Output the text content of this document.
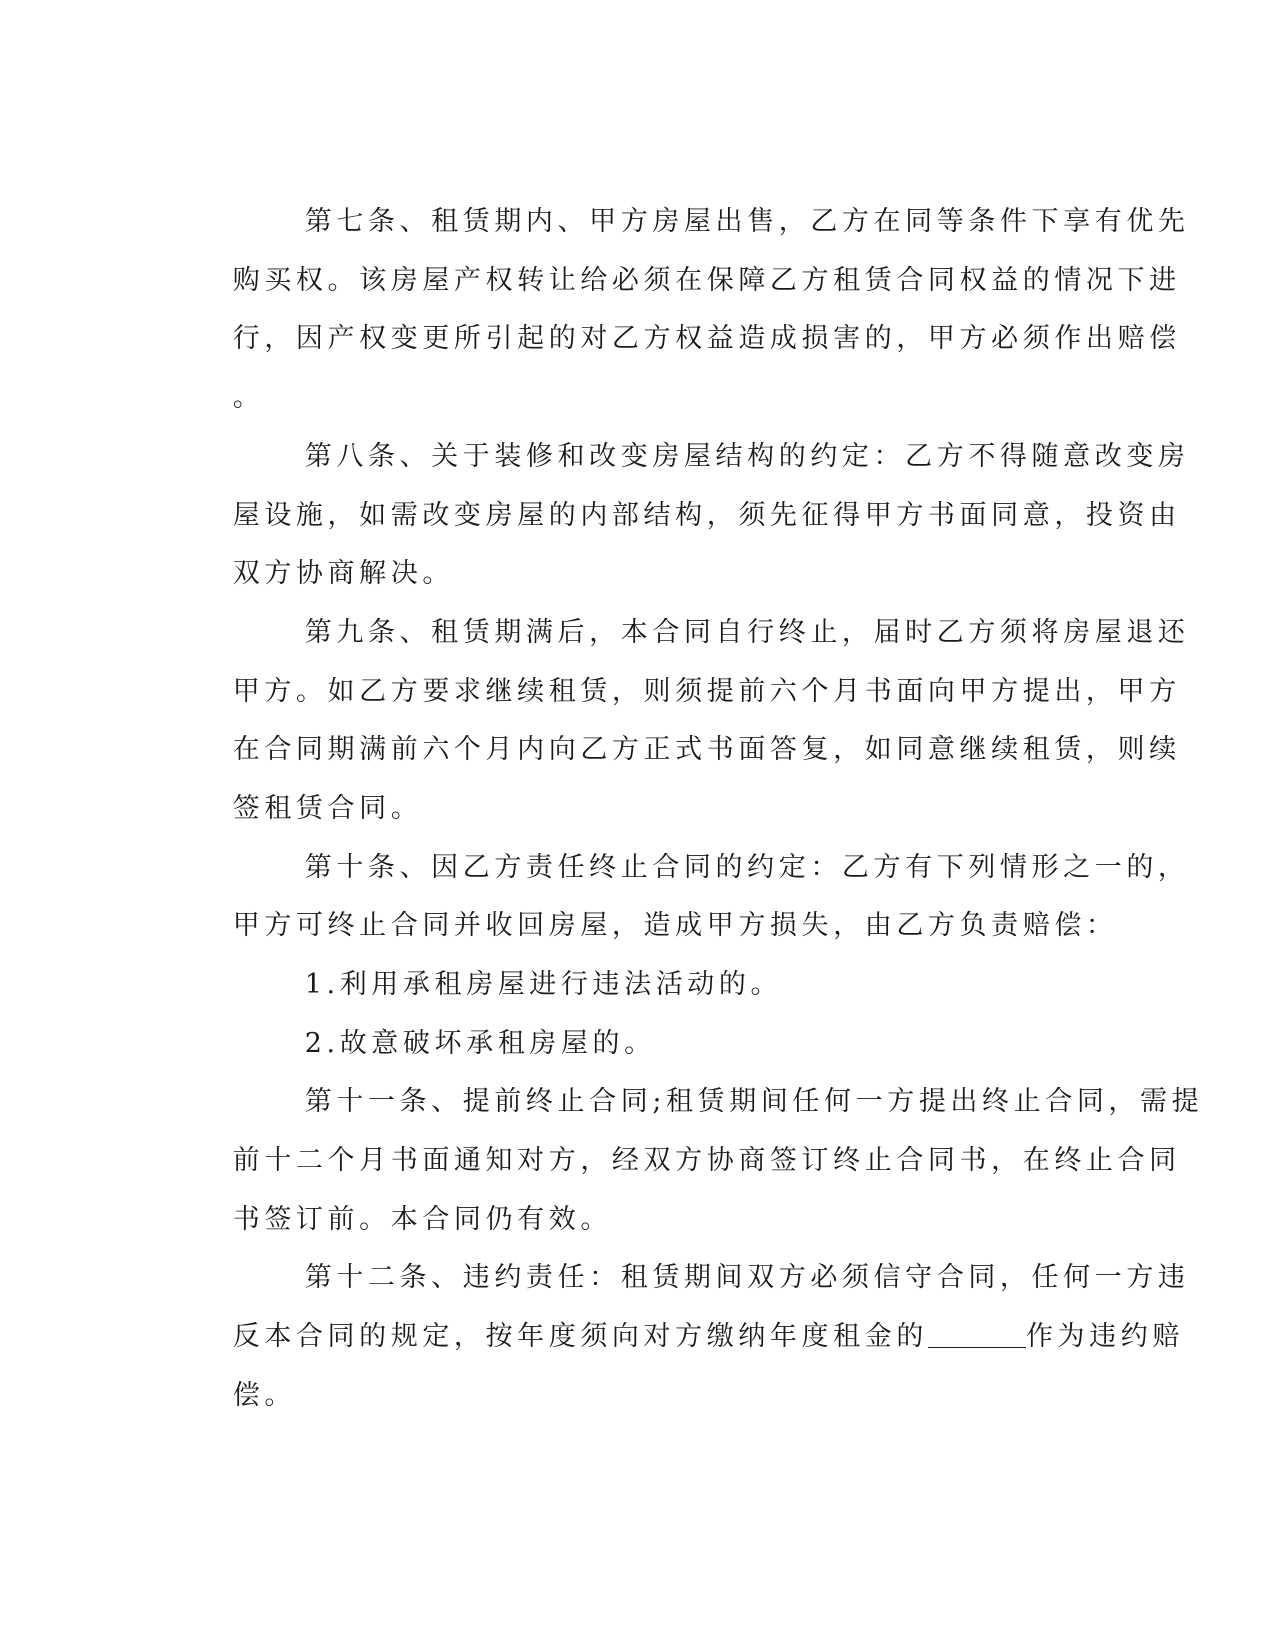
第七条、租赁期内、甲方房屋出售，乙方在同等条件下享有优先

购买权。该房屋产权转让给必须在保障乙方租赁合同权益的情况下进

行，因产权变更所引起的对乙方权益造成损害的，甲方必须作出赔偿

。

第八条、关于装修和改变房屋结构的约定：乙方不得随意改变房

屋设施，如需改变房屋的内部结构，须先征得甲方书面同意，投资由

双方协商解决。

第九条、租赁期满后，本合同自行终止，届时乙方须将房屋退还

甲方。如乙方要求继续租赁，则须提前六个月书面向甲方提出，甲方

在合同期满前六个月内向乙方正式书面答复，如同意继续租赁，则续

签租赁合同。

第十条、因乙方责任终止合同的约定：乙方有下列情形之一的，

甲方可终止合同并收回房屋，造成甲方损失，由乙方负责赔偿：

1.利用承租房屋进行违法活动的。

2.故意破坏承租房屋的。

第十一条、提前终止合同;租赁期间任何一方提出终止合同，需提

前十二个月书面通知对方，经双方协商签订终止合同书，在终止合同

书签订前。本合同仍有效。

第十二条、违约责任：租赁期间双方必须信守合同，任何一方违

反本合同的规定，按年度须向对方缴纳年度租金的	作为违约赔

偿。
